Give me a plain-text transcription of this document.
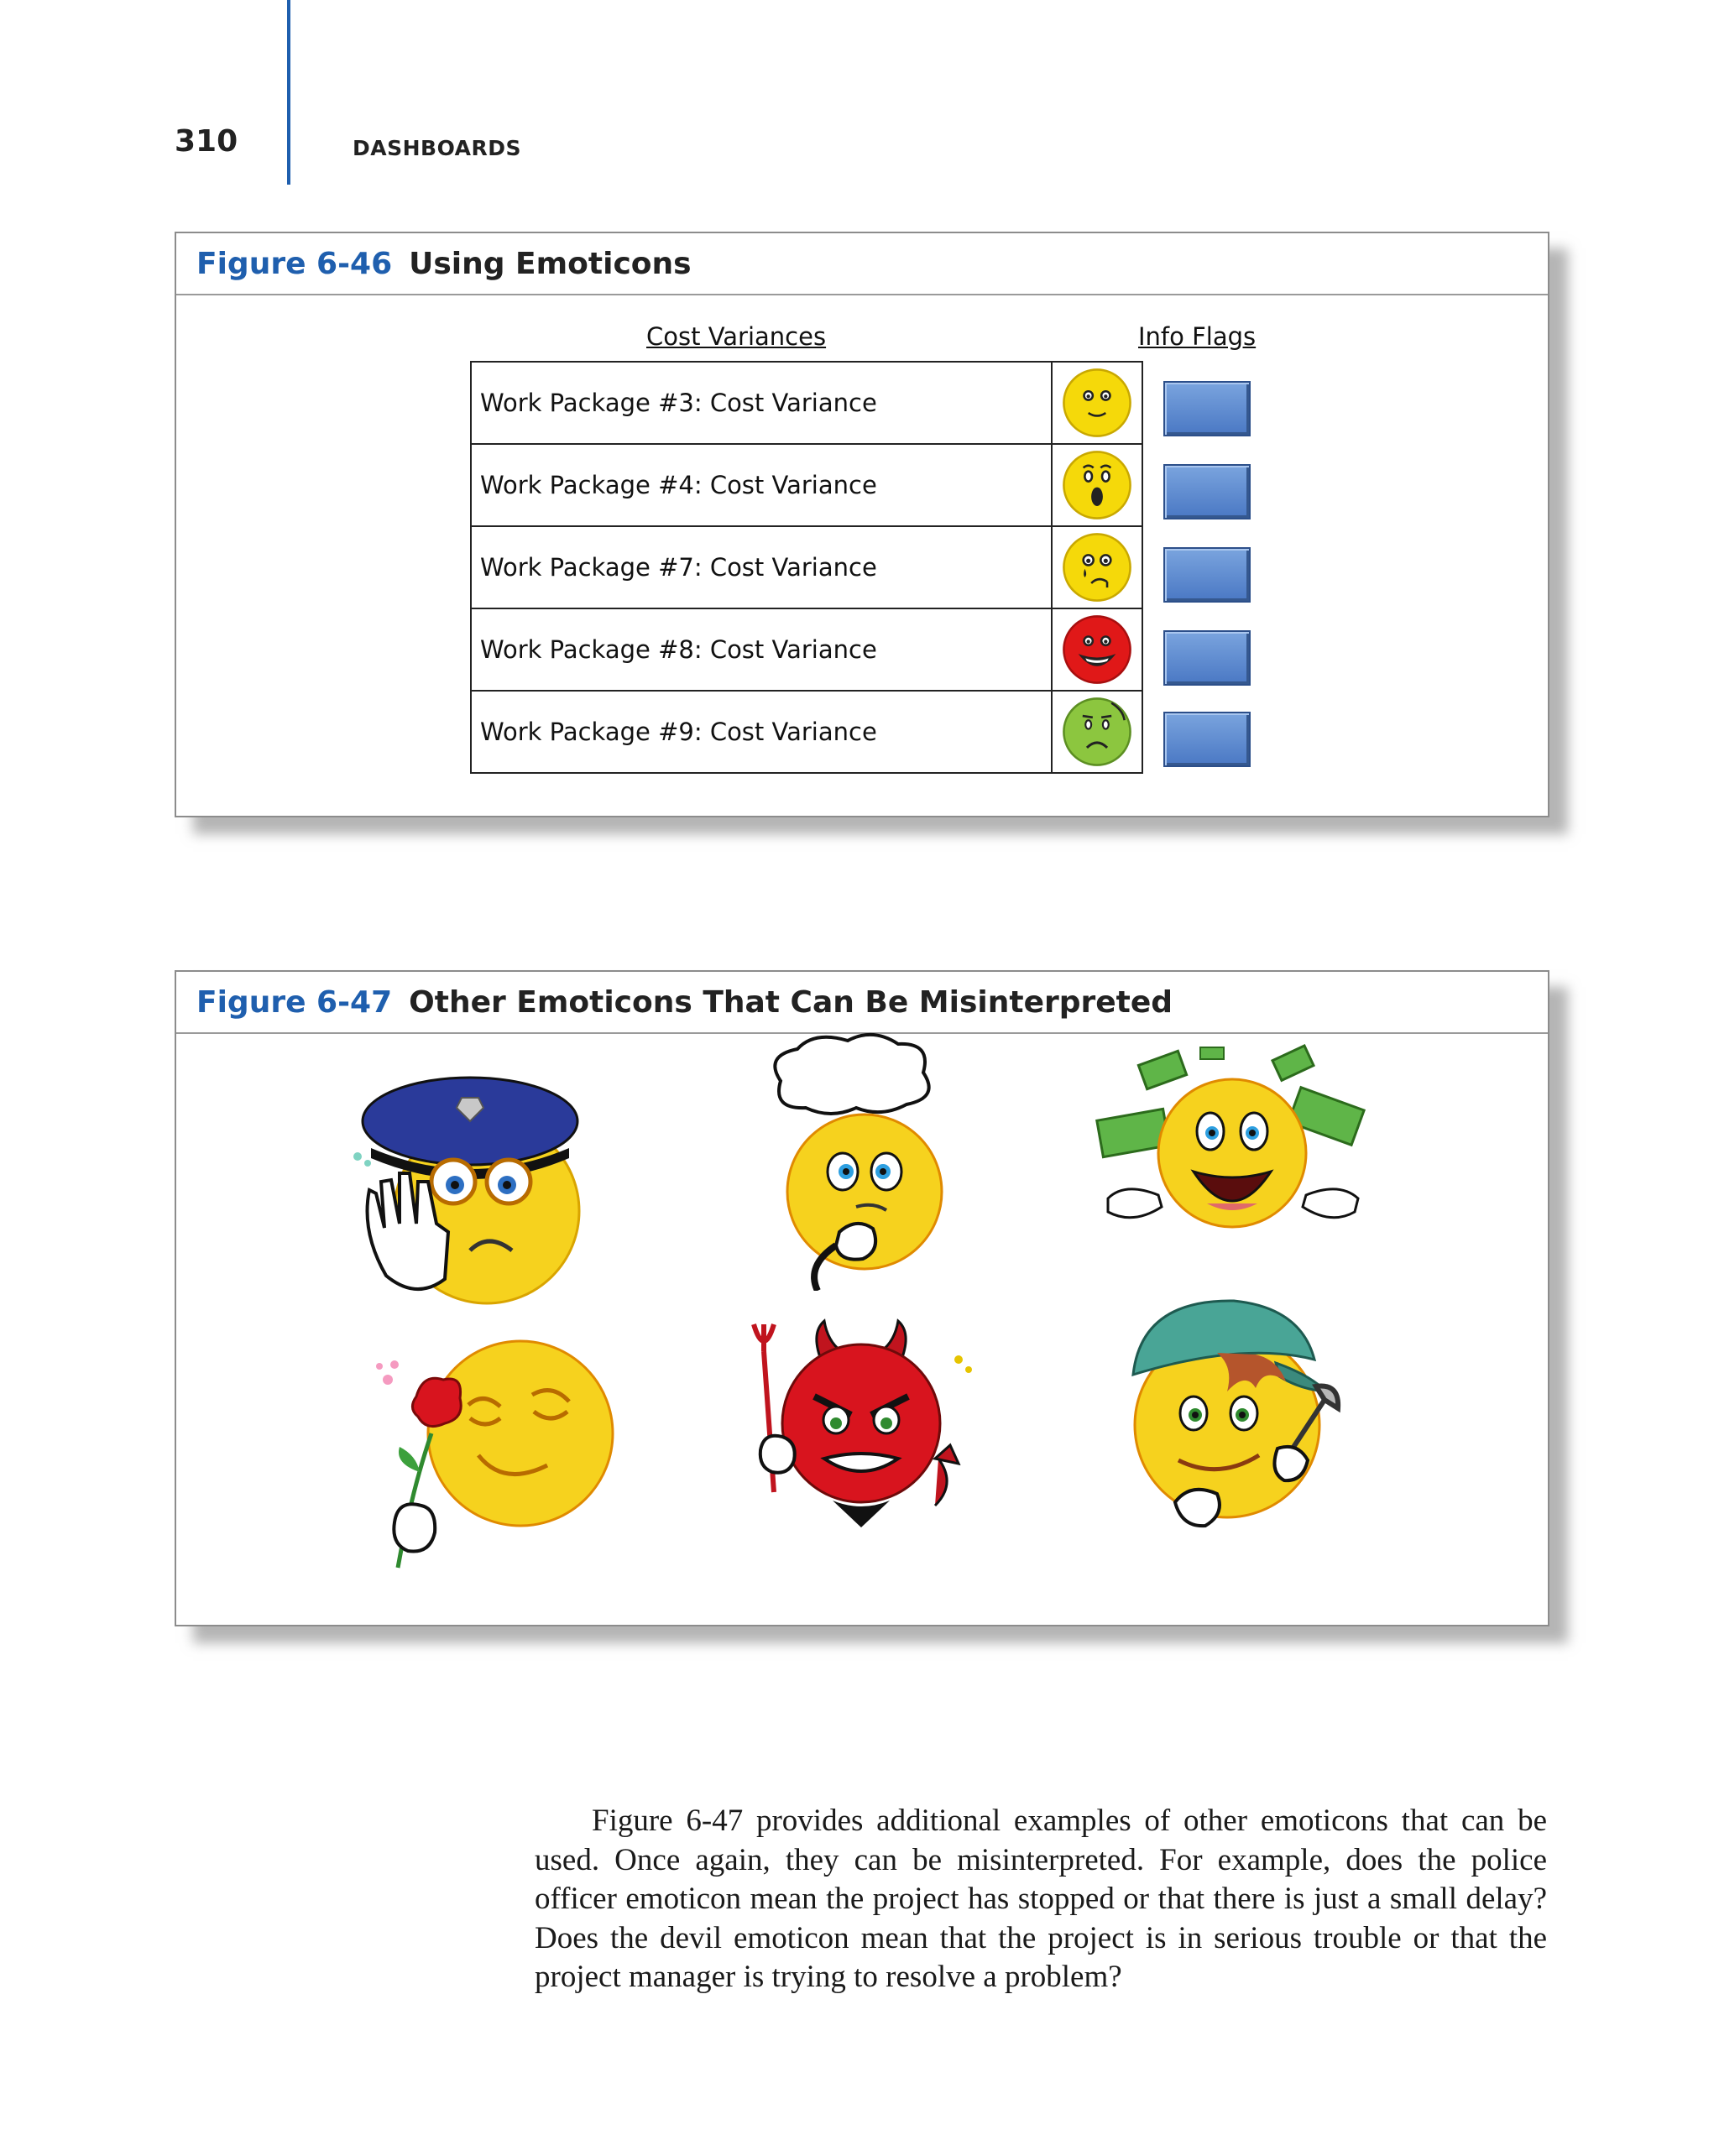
310	DASHBOARDS
Figure 6-46 Using Emoticons
Cost Variances	Info Flags
Work Package #3: Cost Variance	

Work Package #4: Cost Variance	

Work Package #7: Cost Variance	

Work Package #8: Cost Variance	

Work Package #9: Cost Variance	
Figure 6-47 Other Emoticons That Can Be Misinterpreted

Figure 6-47 provides additional examples of other emoticons that can be used. Once again, they can be misinterpreted. For example, does the police officer emoticon mean the project has stopped or that there is just a small delay? Does the devil emoticon mean that the project is in serious trouble or that the project manager is trying to resolve a problem?
